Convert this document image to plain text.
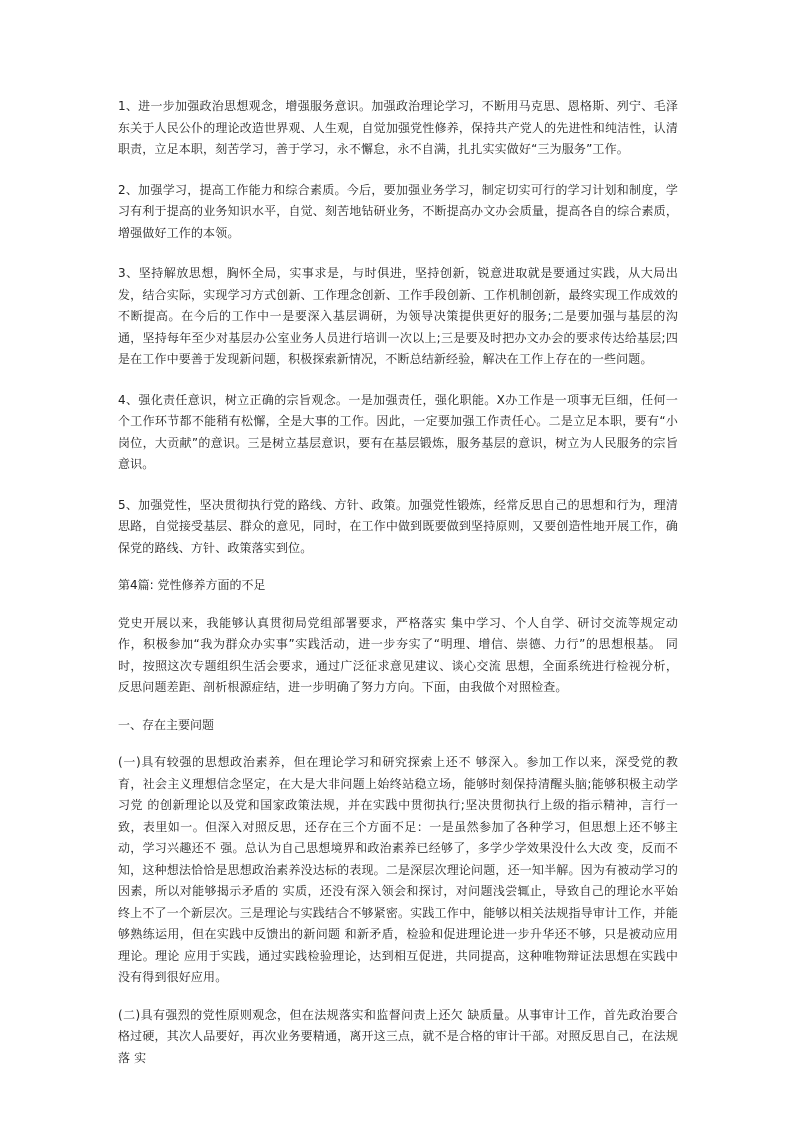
1、进一步加强政治思想观念，增强服务意识。加强政治理论学习，不断用马克思、恩格斯、列宁、毛泽东关于人民公仆的理论改造世界观、人生观，自觉加强党性修养，保持共产党人的先进性和纯洁性，认清职责，立足本职，刻苦学习，善于学习，永不懈怠，永不自满，扎扎实实做好“三为服务”工作。

2、加强学习，提高工作能力和综合素质。今后，要加强业务学习，制定切实可行的学习计划和制度，学习有利于提高的业务知识水平，自觉、刻苦地钻研业务，不断提高办文办会质量，提高各自的综合素质，增强做好工作的本领。

3、坚持解放思想，胸怀全局，实事求是，与时俱进，坚持创新，锐意进取就是要通过实践，从大局出发，结合实际，实现学习方式创新、工作理念创新、工作手段创新、工作机制创新，最终实现工作成效的不断提高。在今后的工作中一是要深入基层调研，为领导决策提供更好的服务;二是要加强与基层的沟通，坚持每年至少对基层办公室业务人员进行培训一次以上;三是要及时把办文办会的要求传达给基层;四是在工作中要善于发现新问题，积极探索新情况，不断总结新经验，解决在工作上存在的一些问题。

4、强化责任意识，树立正确的宗旨观念。一是加强责任，强化职能。X办工作是一项事无巨细，任何一个工作环节都不能稍有松懈，全是大事的工作。因此，一定要加强工作责任心。二是立足本职，要有“小岗位，大贡献”的意识。三是树立基层意识，要有在基层锻炼，服务基层的意识，树立为人民服务的宗旨意识。

5、加强党性，坚决贯彻执行党的路线、方针、政策。加强党性锻炼，经常反思自己的思想和行为，理清思路，自觉接受基层、群众的意见，同时，在工作中做到既要做到坚持原则，又要创造性地开展工作，确保党的路线、方针、政策落实到位。

第4篇: 党性修养方面的不足

党史开展以来，我能够认真贯彻局党组部署要求，严格落实 集中学习、个人自学、研讨交流等规定动作，积极参加“我为群众办实事”实践活动，进一步夯实了“明理、增信、崇德、力行”的思想根基。 同时，按照这次专题组织生活会要求，通过广泛征求意见建议、谈心交流 思想，全面系统进行检视分析，反思问题差距、剖析根源症结，进一步明确了努力方向。下面，由我做个对照检查。

一、存在主要问题

(一)具有较强的思想政治素养，但在理论学习和研究探索上还不 够深入。参加工作以来，深受党的教育，社会主义理想信念坚定，在大是大非问题上始终站稳立场，能够时刻保持清醒头脑;能够积极主动学习党 的创新理论以及党和国家政策法规，并在实践中贯彻执行;坚决贯彻执行上级的指示精神，言行一致，表里如一。但深入对照反思，还存在三个方面不足：一是虽然参加了各种学习，但思想上还不够主动，学习兴趣还不 强。总认为自己思想境界和政治素养已经够了，多学少学效果没什么大改 变，反而不知，这种想法恰恰是思想政治素养没达标的表现。二是深层次理论问题，还一知半解。因为有被动学习的因素，所以对能够揭示矛盾的 实质，还没有深入领会和探讨，对问题浅尝辄止，导致自己的理论水平始 终上不了一个新层次。三是理论与实践结合不够紧密。实践工作中，能够以相关法规指导审计工作，并能够熟练运用，但在实践中反馈出的新问题 和新矛盾，检验和促进理论进一步升华还不够，只是被动应用理论。理论 应用于实践，通过实践检验理论，达到相互促进，共同提高，这种唯物辩证法思想在实践中没有得到很好应用。

(二)具有强烈的党性原则观念，但在法规落实和监督问责上还欠 缺质量。从事审计工作，首先政治要合格过硬，其次人品要好，再次业务要精通，离开这三点，就不是合格的审计干部。对照反思自己，在法规落 实
